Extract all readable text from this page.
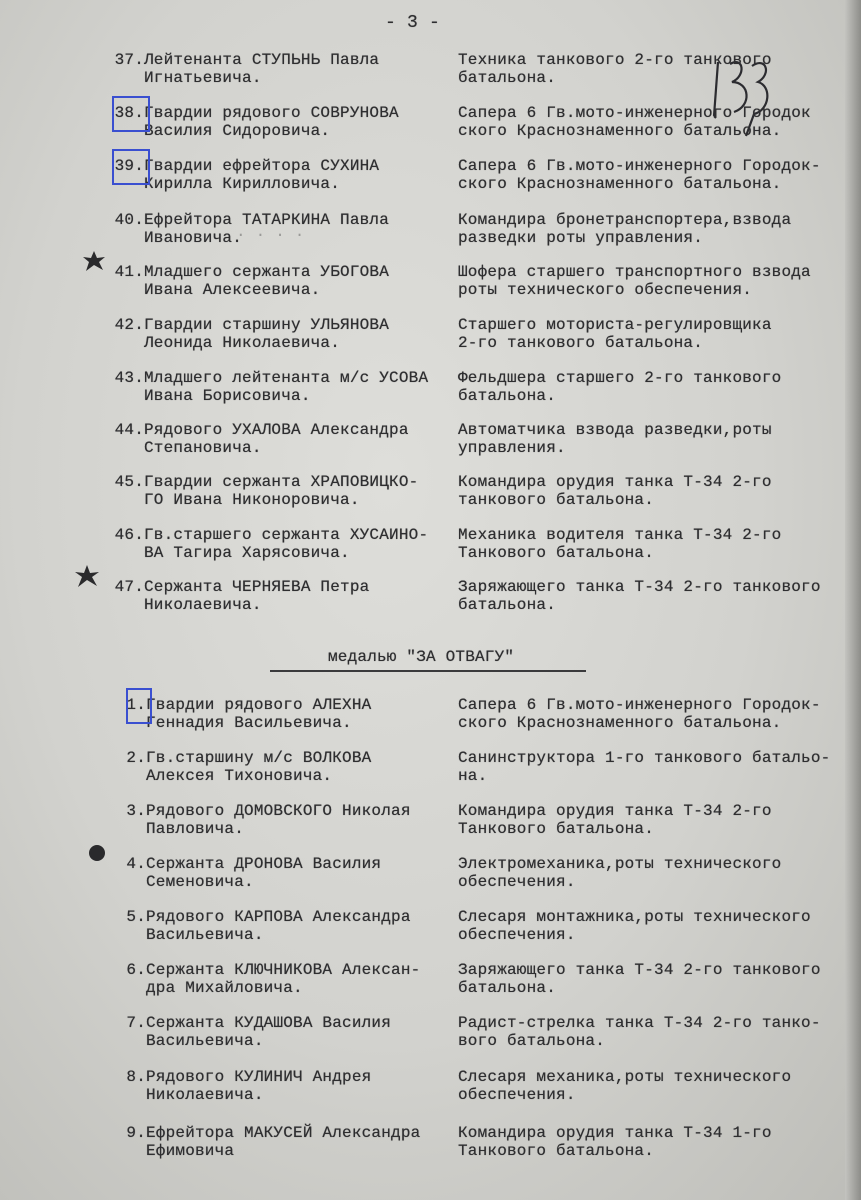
- 3 -
· · · ·
37. Лейтенанта СТУПЬНЬ Павла
Игнатьевича.
Техника танкового 2-го танкового
батальона.
38. Гвардии рядового СОВРУНОВА
Василия Сидоровича.
Сапера 6 Гв.мото-инженерного Городок
ского Краснознаменного батальона.
39. Гвардии ефрейтора СУХИНА
Кирилла Кирилловича.
Сапера 6 Гв.мото-инженерного Городок-
ского Краснознаменного батальона.
40. Ефрейтора ТАТАРКИНА Павла
Ивановича.
Командира бронетранспортера,взвода
разведки роты управления.
41. Младшего сержанта УБОГОВА
Ивана Алексеевича.
Шофера старшего транспортного взвода
роты технического обеспечения.
42. Гвардии старшину УЛЬЯНОВА
Леонида Николаевича.
Старшего моториста-регулировщика
2-го танкового батальона.
43. Младшего лейтенанта м/с УСОВА
Ивана Борисовича.
Фельдшера старшего 2-го танкового
батальона.
44. Рядового УХАЛОВА Александра
Степановича.
Автоматчика взвода разведки,роты
управления.
45. Гвардии сержанта ХРАПОВИЦКО-
ГО Ивана Никоноровича.
Командира орудия танка Т-34 2-го
танкового батальона.
46. Гв.старшего сержанта ХУСАИНО-
ВА Тагира Харясовича.
Механика водителя танка Т-34 2-го
Танкового батальона.
47. Сержанта ЧЕРНЯЕВА Петра
Николаевича.
Заряжающего танка Т-34 2-го танкового
батальона.
медалью "ЗА ОТВАГУ"
1. Гвардии рядового АЛЕХНА
Геннадия Васильевича.
Сапера 6 Гв.мото-инженерного Городок-
ского Краснознаменного батальона.
2. Гв.старшину м/с ВОЛКОВА
Алексея Тихоновича.
Санинструктора 1-го танкового батальо-
на.
3. Рядового ДОМОВСКОГО Николая
Павловича.
Командира орудия танка Т-34 2-го
Танкового батальона.
4. Сержанта ДРОНОВА Василия
Семеновича.
Электромеханика,роты технического
обеспечения.
5. Рядового КАРПОВА Александра
Васильевича.
Слесаря монтажника,роты технического
обеспечения.
6. Сержанта КЛЮЧНИКОВА Алексан-
дра Михайловича.
Заряжающего танка Т-34 2-го танкового
батальона.
7. Сержанта КУДАШОВА Василия
Васильевича.
Радист-стрелка танка Т-34 2-го танко-
вого батальона.
8. Рядового КУЛИНИЧ Андрея
Николаевича.
Слесаря механика,роты технического
обеспечения.
9. Ефрейтора МАКУСЕЙ Александра
Ефимовича
Командира орудия танка Т-34 1-го
Танкового батальона.
